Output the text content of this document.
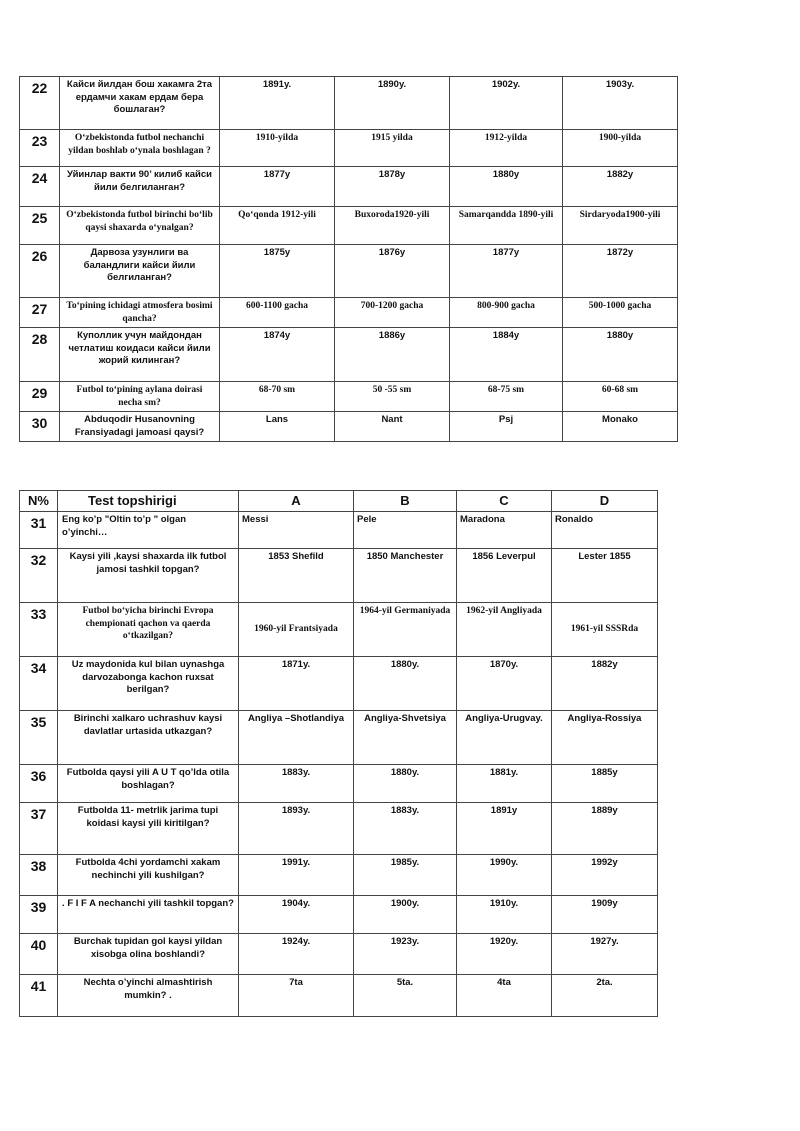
22	Кайси йилдан бош хакамга 2та ердамчи хакам ердам бера бошлаган?	1891y.	1890y.	1902y.	1903y.
23	O‘zbekistonda futbol nechanchi yildan boshlab o‘ynala boshlagan ?	1910-yilda	1915 yilda	1912-yilda	1900-yilda
24	Уйинлар вакти 90’ килиб кайси йили белгиланган?	1877y	1878y	1880y	1882y
25	O‘zbekistonda futbol birinchi bo‘lib qaysi shaxarda o‘ynalgan?	Qo‘qonda 1912-yili	Buxoroda1920-yili	Samarqandda 1890-yili	Sirdaryoda1900-yili
26	Дарвоза узунлиги ва баландлиги кайси йили белгиланган?	1875y	1876y	1877y	1872y
27	To‘pining ichidagi atmosfera bosimi qancha?	600-1100 gacha	700-1200 gacha	800-900 gacha	500-1000 gacha
28	Куполлик учун майдондан четлатиш коидаси кайси йили жорий килинган?	1874y	1886y	1884y	1880y
29	Futbol to‘pining aylana doirasi necha sm?	68-70 sm	50 -55 sm	68-75 sm	60-68 sm
30	Abduqodir Husanovning Fransiyadagi jamoasi qaysi?	Lans	Nant	Psj	Monako
N%	Test topshirigi	A	B	C	D
31	Eng ko’p "Oltin to’p " olgan o’yinchi…	Messi	Pele	Maradona	Ronaldo
32	Kaysi yili ,kaysi shaxarda ilk futbol jamosi tashkil topgan?	1853 Shefild	1850 Manchester	1856 Leverpul	Lester 1855
33	Futbol bo‘yicha birinchi Evropa chempionati qachon va qaerda o‘tkazilgan?	1960-yil Frantsiyada	1964-yil Germaniyada	1962-yil Angliyada	1961-yil SSSRda
34	Uz maydonida kul bilan uynashga darvozabonga kachon ruxsat berilgan?	1871y.	1880y.	1870y.	1882y
35	Birinchi xalkaro uchrashuv kaysi davlatlar urtasida utkazgan?	Angliya –Shotlandiya	Angliya-Shvetsiya	Angliya-Urugvay.	Angliya-Rossiya
36	Futbolda qaysi yili A U T qo’lda otila boshlagan?	1883y.	1880y.	1881y.	1885y
37	Futbolda 11- metrlik jarima tupi koidasi kaysi yili kiritilgan?	1893y.	1883y.	1891y	1889y
38	Futbolda 4chi yordamchi xakam nechinchi yili kushilgan?	1991y.	1985y.	1990y.	1992y
39	. F I F A nechanchi yili tashkil topgan?	1904y.	1900y.	1910y.	1909y
40	Burchak tupidan gol kaysi yildan xisobga olina boshlandi?	1924y.	1923y.	1920y.	1927y.
41	Nechta o’yinchi almashtirish mumkin? .	7ta	5ta.	4ta	2ta.
